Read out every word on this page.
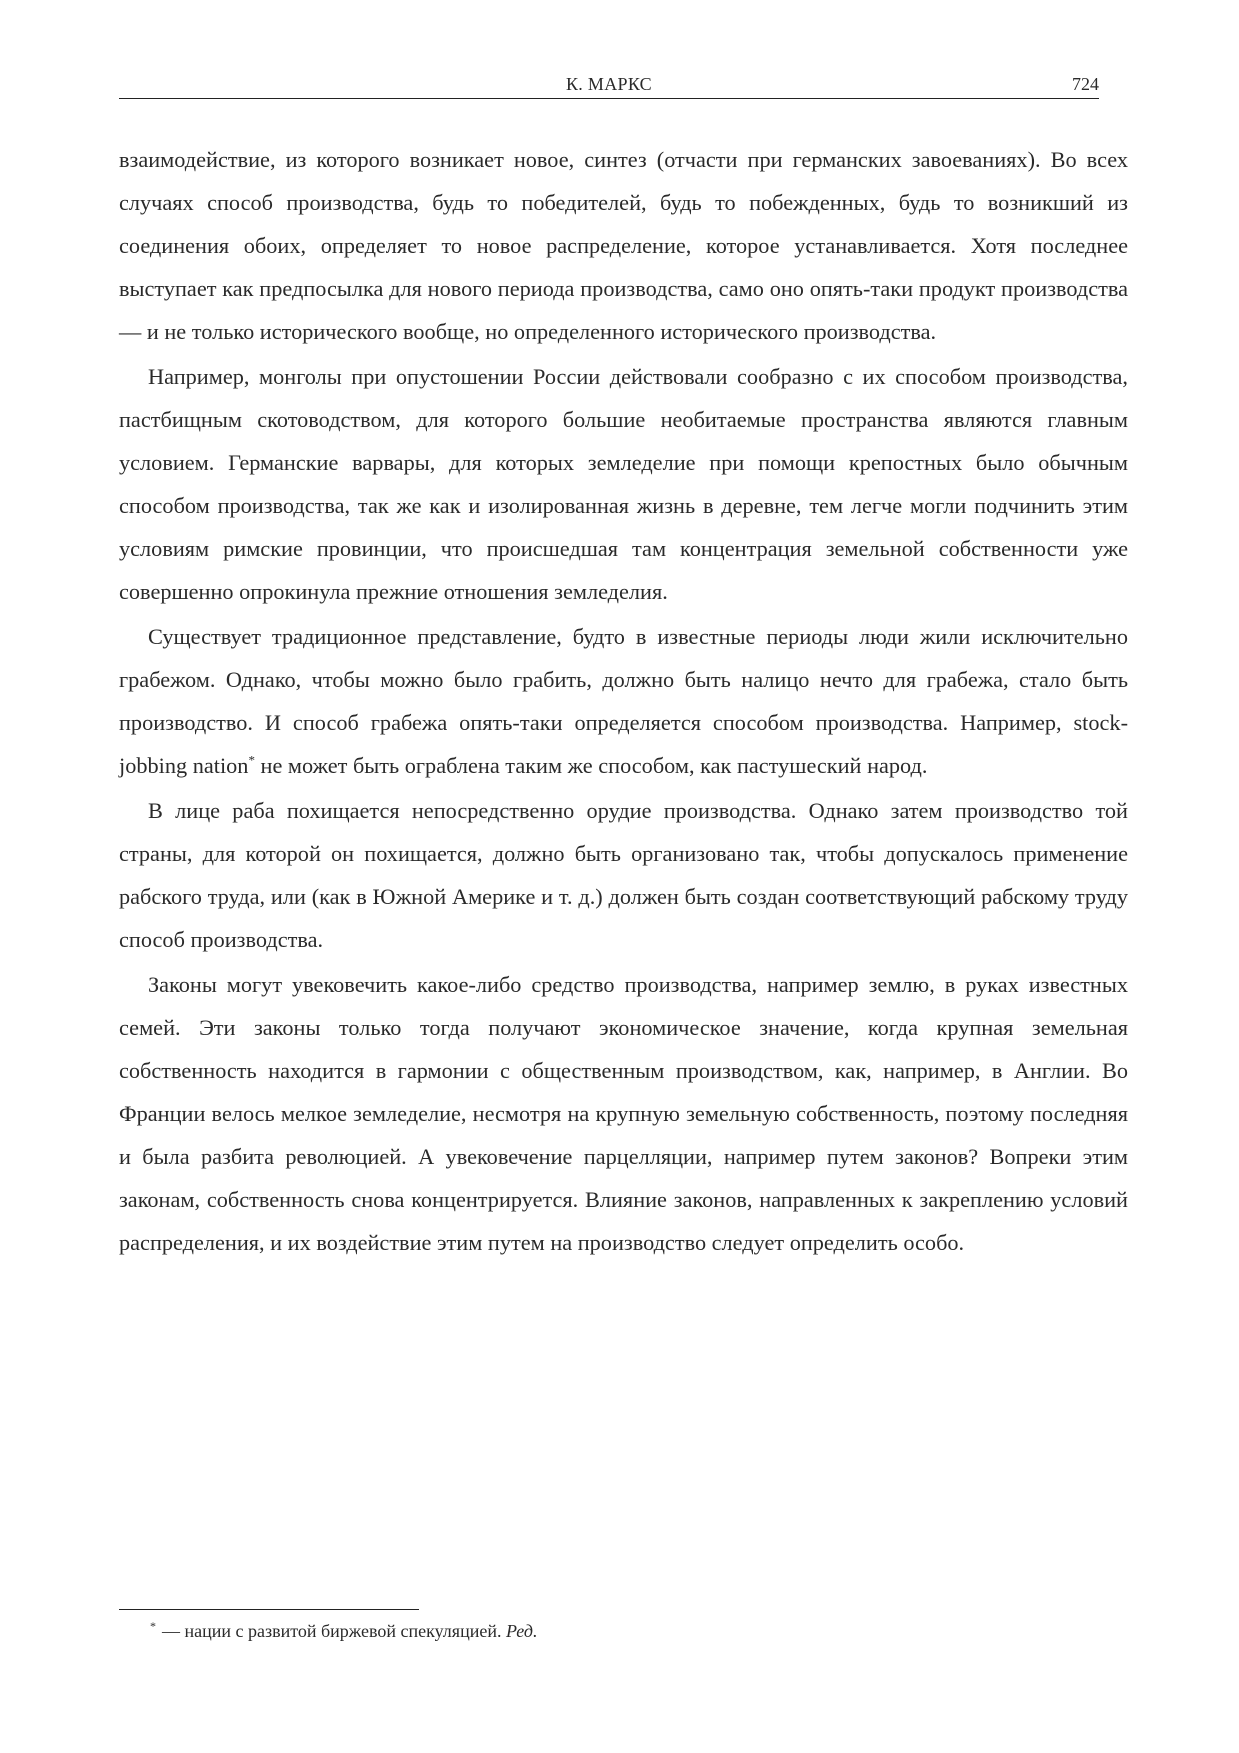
К. МАРКС	724

взаимодействие, из которого возникает новое, синтез (отчасти при германских завоеваниях). Во всех случаях способ производства, будь то победителей, будь то побежденных, будь то возникший из соединения обоих, определяет то новое распределение, которое устанавливается. Хотя последнее выступает как предпосылка для нового периода производства, само оно опять-таки продукт производства — и не только исторического вообще, но определенного исторического производства.

Например, монголы при опустошении России действовали сообразно с их способом производства, пастбищным скотоводством, для которого большие необитаемые пространства являются главным условием. Германские варвары, для которых земледелие при помощи крепостных было обычным способом производства, так же как и изолированная жизнь в деревне, тем легче могли подчинить этим условиям римские провинции, что происшедшая там концентрация земельной собственности уже совершенно опрокинула прежние отношения земледелия.

Существует традиционное представление, будто в известные периоды люди жили исключительно грабежом. Однако, чтобы можно было грабить, должно быть налицо нечто для грабежа, стало быть производство. И способ грабежа опять-таки определяется способом производства. Например, stock-jobbing nation* не может быть ограблена таким же способом, как пастушеский народ.

В лице раба похищается непосредственно орудие производства. Однако затем производство той страны, для которой он похищается, должно быть организовано так, чтобы допускалось применение рабского труда, или (как в Южной Америке и т. д.) должен быть создан соответствующий рабскому труду способ производства.

Законы могут увековечить какое-либо средство производства, например землю, в руках известных семей. Эти законы только тогда получают экономическое значение, когда крупная земельная собственность находится в гармонии с общественным производством, как, например, в Англии. Во Франции велось мелкое земледелие, несмотря на крупную земельную собственность, поэтому последняя и была разбита революцией. А увековечение парцелляции, например путем законов? Вопреки этим законам, собственность снова концентрируется. Влияние законов, направленных к закреплению условий распределения, и их воздействие этим путем на производство следует определить особо.

* — нации с развитой биржевой спекуляцией. Ред.
